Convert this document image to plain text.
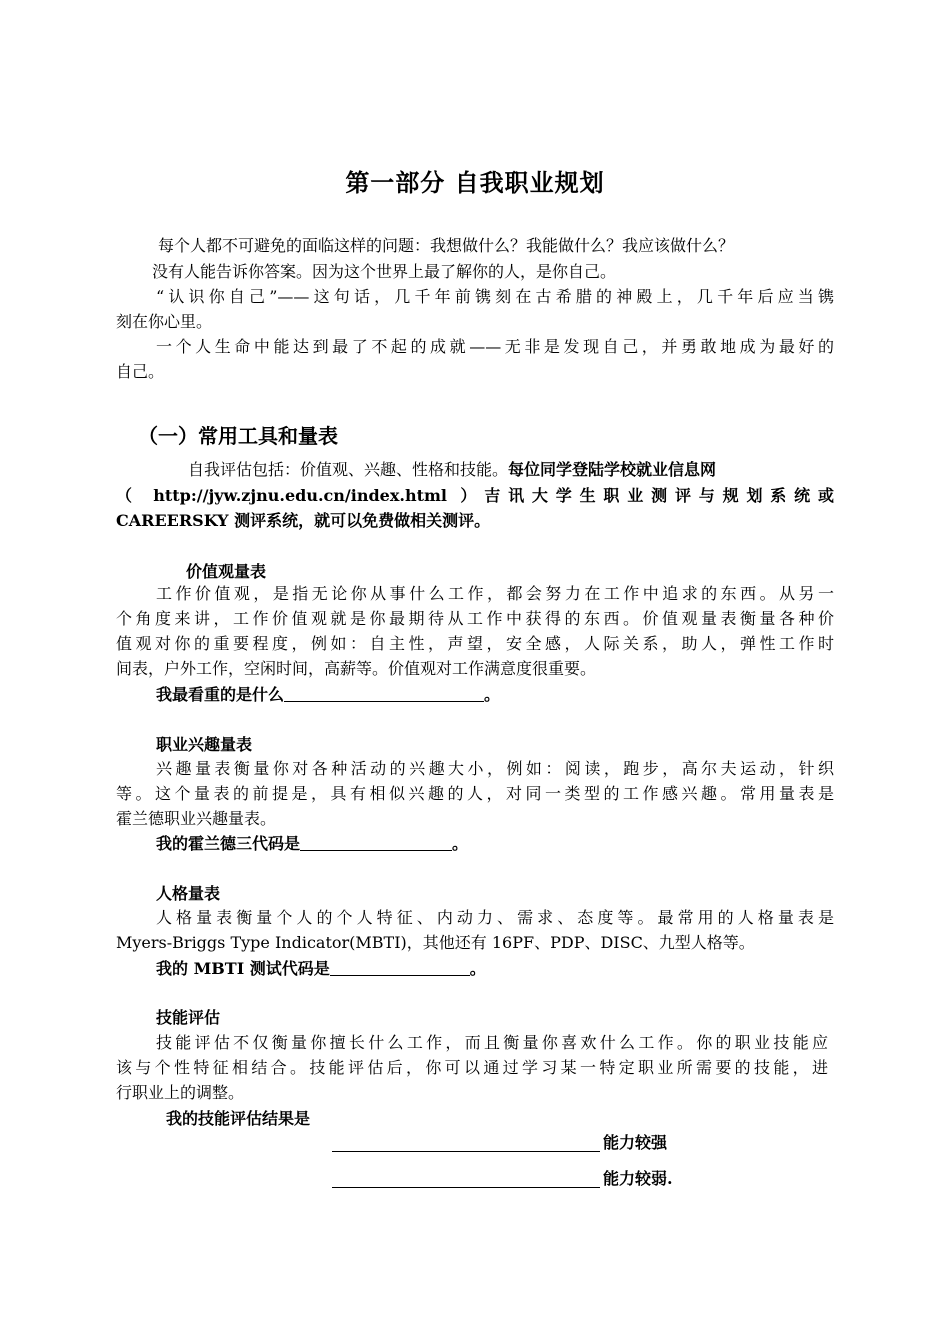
第一部分 自我职业规划
每个人都不可避免的面临这样的问题：我想做什么？我能做什么？我应该做什么？
没有人能告诉你答案。因为这个世界上最了解你的人，是你自己。
“认识你自己”——这句话，几千年前镌刻在古希腊的神殿上，几千年后应当镌
刻在你心里。
一个人生命中能达到最了不起的成就——无非是发现自己，并勇敢地成为最好的
自己。
（一）常用工具和量表
自我评估包括：价值观、兴趣、性格和技能。每位同学登陆学校就业信息网
（ http://jyw.zjnu.edu.cn/index.html ）吉讯大学生职业测评与规划系统或
CAREERSKY 测评系统，就可以免费做相关测评。
价值观量表
工作价值观，是指无论你从事什么工作，都会努力在工作中追求的东西。从另一
个角度来讲，工作价值观就是你最期待从工作中获得的东西。价值观量表衡量各种价
值观对你的重要程度，例如：自主性，声望，安全感，人际关系，助人，弹性工作时
间表，户外工作，空闲时间，高薪等。价值观对工作满意度很重要。
我最看重的是什么	。
职业兴趣量表
兴趣量表衡量你对各种活动的兴趣大小，例如：阅读，跑步，高尔夫运动，针织
等。这个量表的前提是，具有相似兴趣的人，对同一类型的工作感兴趣。常用量表是
霍兰德职业兴趣量表。
我的霍兰德三代码是	。
人格量表
人格量表衡量个人的个人特征、内动力、需求、态度等。最常用的人格量表是
Myers-Briggs Type Indicator(MBTI)，其他还有 16PF、PDP、DISC、九型人格等。
我的 MBTI 测试代码是	。
技能评估
技能评估不仅衡量你擅长什么工作，而且衡量你喜欢什么工作。你的职业技能应
该与个性特征相结合。技能评估后，你可以通过学习某一特定职业所需要的技能，进
行职业上的调整。
我的技能评估结果是
能力较强
能力较弱.
